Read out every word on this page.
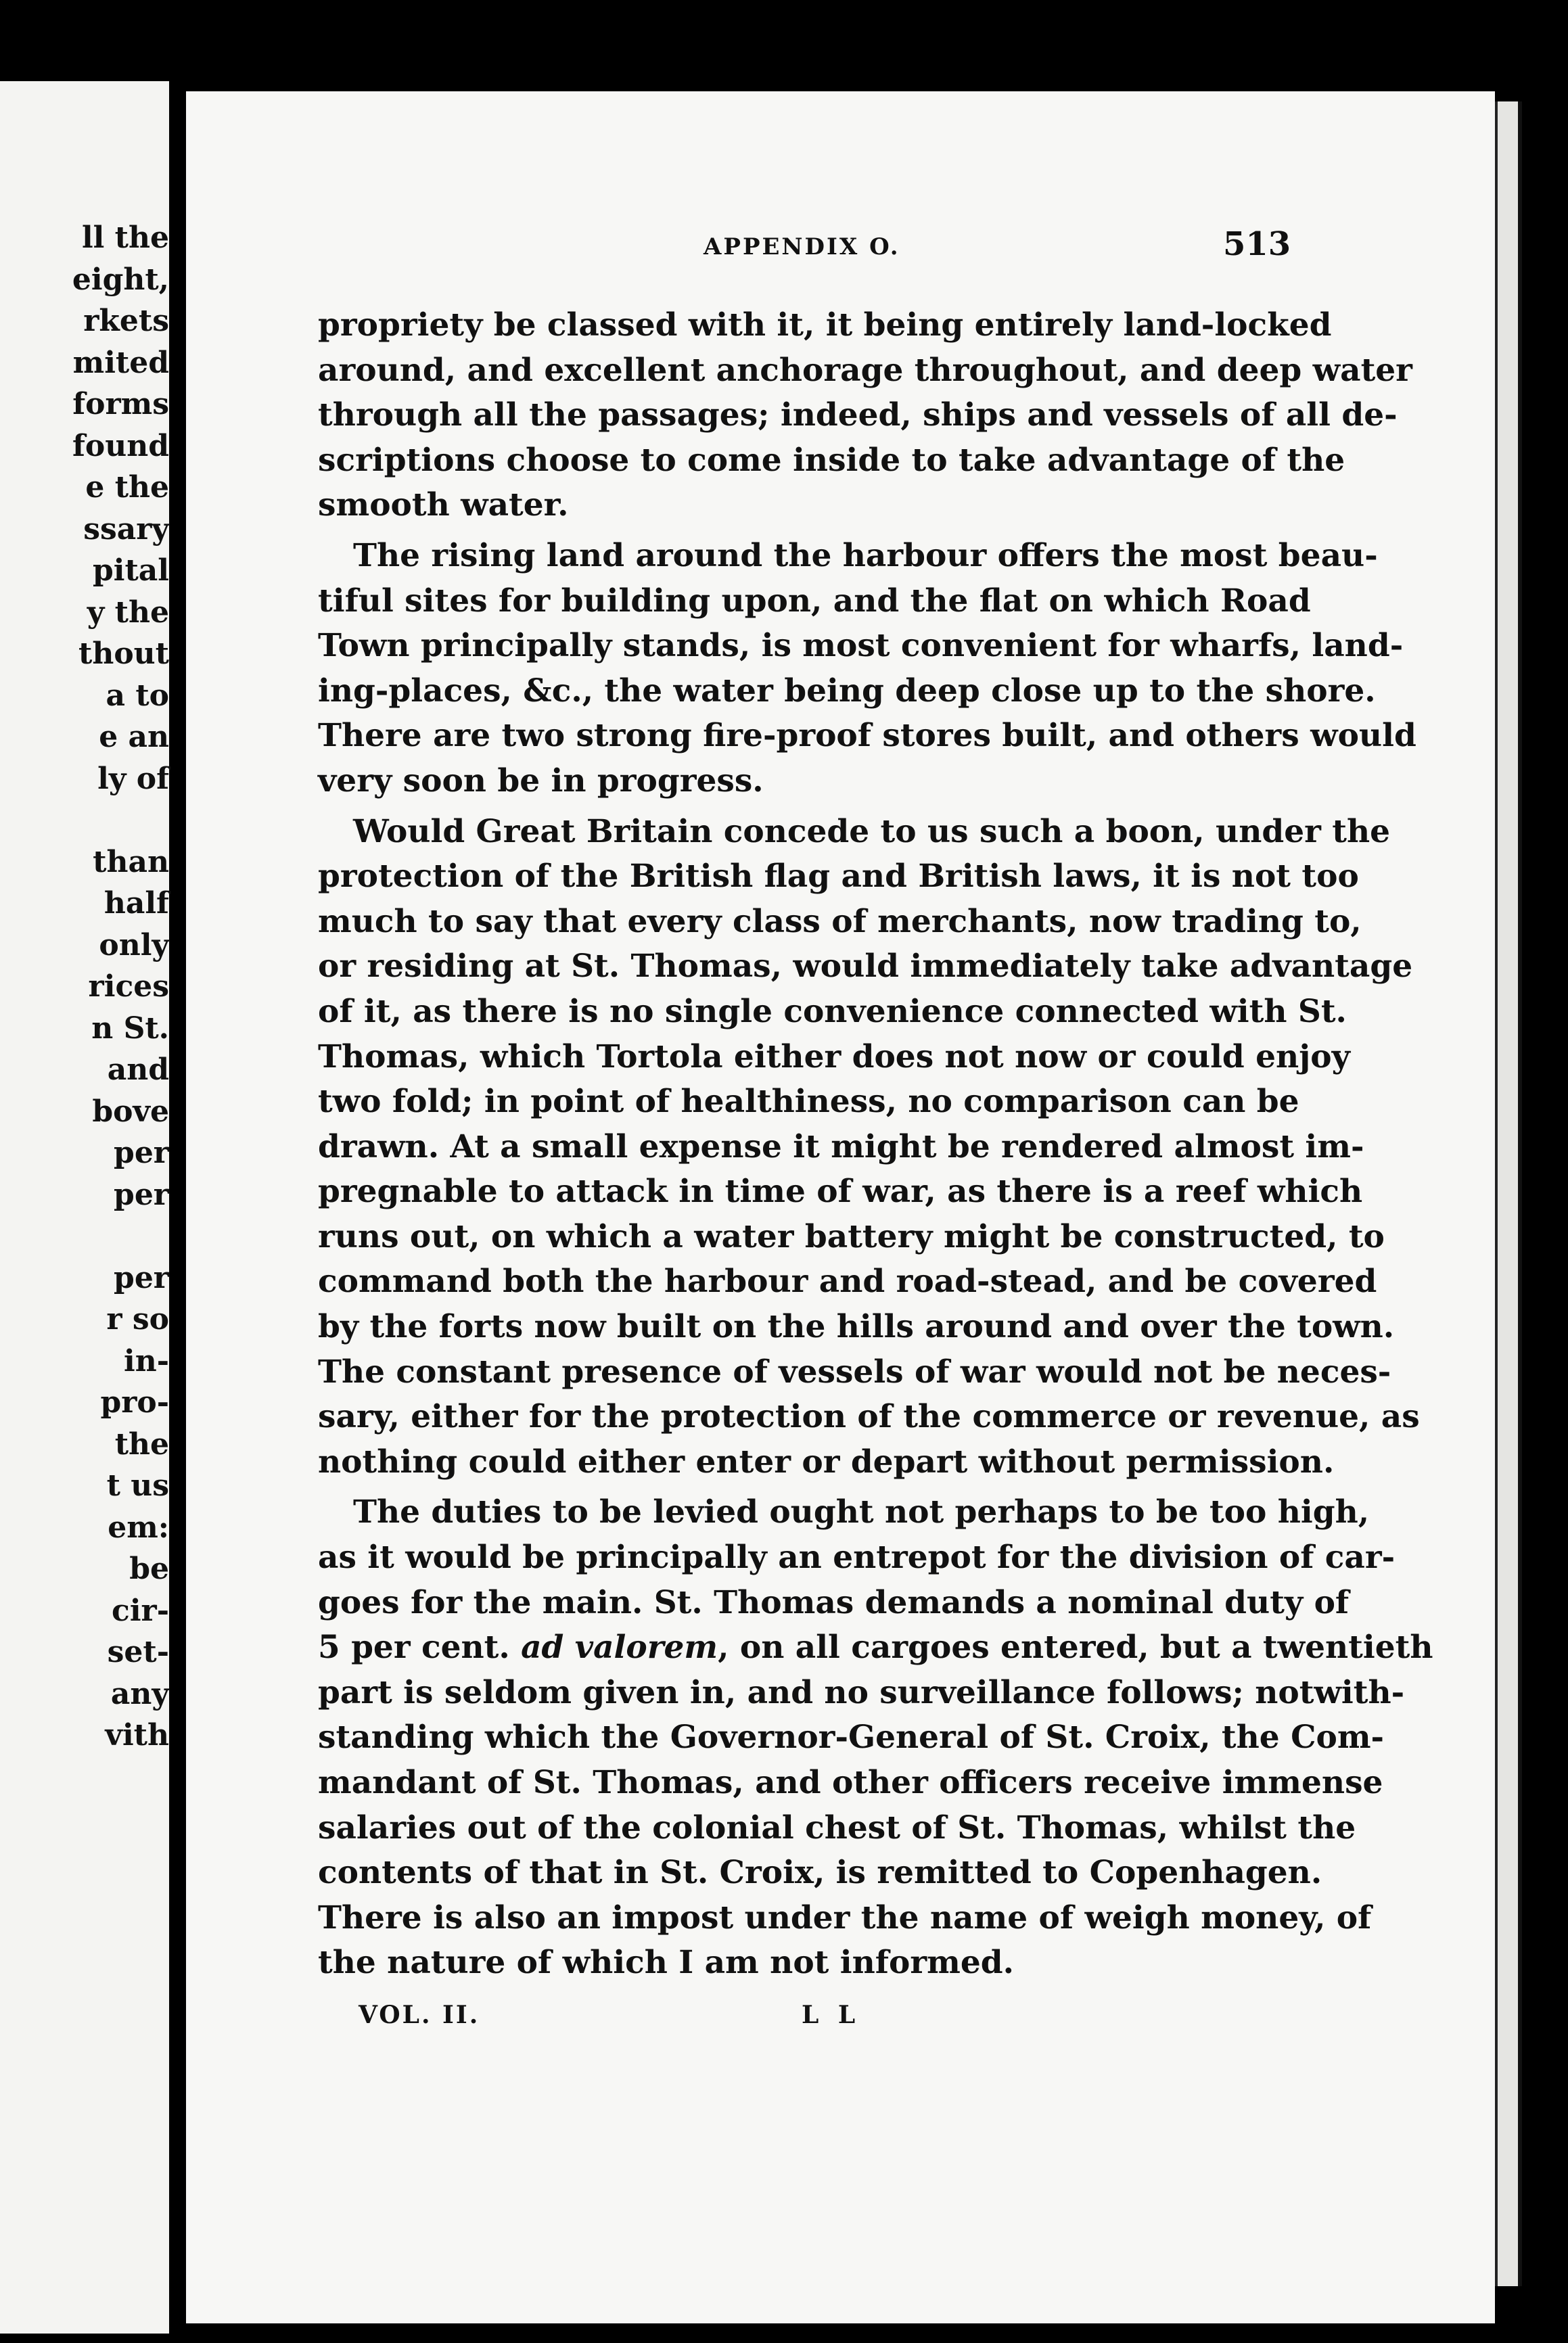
ll the
eight,
rkets
mited
forms
found
e the
ssary
pital
y the
thout
a to
e an
ly of
than
half
only
rices
n St.
and
bove
per
per
per
r so
in-
pro-
the
t us
em:
be
cir-
set-
any
vith
APPENDIX O.	513
propriety be classed with it, it being entirely land-locked
around, and excellent anchorage throughout, and deep water
through all the passages; indeed, ships and vessels of all de-
scriptions choose to come inside to take advantage of the
smooth water.
The rising land around the harbour offers the most beau-
tiful sites for building upon, and the flat on which Road
Town principally stands, is most convenient for wharfs, land-
ing-places, &c., the water being deep close up to the shore.
There are two strong fire-proof stores built, and others would
very soon be in progress.
Would Great Britain concede to us such a boon, under the
protection of the British flag and British laws, it is not too
much to say that every class of merchants, now trading to,
or residing at St. Thomas, would immediately take advantage
of it, as there is no single convenience connected with St.
Thomas, which Tortola either does not now or could enjoy
two fold; in point of healthiness, no comparison can be
drawn. At a small expense it might be rendered almost im-
pregnable to attack in time of war, as there is a reef which
runs out, on which a water battery might be constructed, to
command both the harbour and road-stead, and be covered
by the forts now built on the hills around and over the town.
The constant presence of vessels of war would not be neces-
sary, either for the protection of the commerce or revenue, as
nothing could either enter or depart without permission.
The duties to be levied ought not perhaps to be too high,
as it would be principally an entrepot for the division of car-
goes for the main. St. Thomas demands a nominal duty of
5 per cent. ad valorem, on all cargoes entered, but a twentieth
part is seldom given in, and no surveillance follows; notwith-
standing which the Governor-General of St. Croix, the Com-
mandant of St. Thomas, and other officers receive immense
salaries out of the colonial chest of St. Thomas, whilst the
contents of that in St. Croix, is remitted to Copenhagen.
There is also an impost under the name of weigh money, of
the nature of which I am not informed.
VOL. II.	L L
